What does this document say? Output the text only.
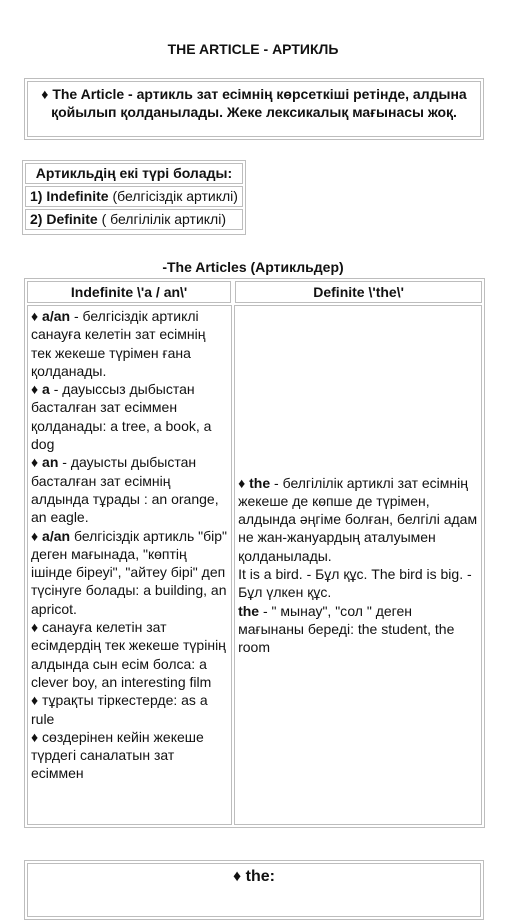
THE ARTICLE - АРТИКЛЬ
♦ The Article - артикль зат есімнің көрсеткіші ретінде, алдына қойылып қолданылады. Жеке лексикалық мағынасы жоқ.
Артикльдің екі түрі болады:
1) Indefinite (белгісіздік артиклі)
2) Definite ( белгілілік артиклі)
-The Articles (Артикльдер)
Indefinite \'a / an\'	Definite \'the\'

♦ a/an - белгісіздік артиклі санауға келетін зат есімнің тек жекеше түрімен ғана қолданады.

♦ a - дауыссыз дыбыстан басталған зат есіммен қолданады: a tree, a book, a dog

♦ an - дауысты дыбыстан басталған зат есімнің алдында тұрады : an orange, an eagle.

♦ a/an белгісіздік артикль "бір" деген мағынада, "көптің ішінде біреуі", "айтеу бірі" деп түсінуге болады: a building, an apricot.

♦ санауға келетін зат есімдердің тек жекеше түрінің алдында сын есім болса: a clever boy, an interesting film

♦ тұрақты тіркестерде: as a rule

♦ сөздерінен кейін жекеше түрдегі саналатын зат есіммен

♦ the - белгілілік артиклі зат есімнің жекеше де көпше де түрімен, алдында әңгіме болған, белгілі адам не жан-жануардың аталуымен қолданылады.

It is a bird. - Бұл құс. The bird is big. - Бұл үлкен құс.

the - " мынау", "сол " деген мағынаны береді: the student, the room

♦ the:
